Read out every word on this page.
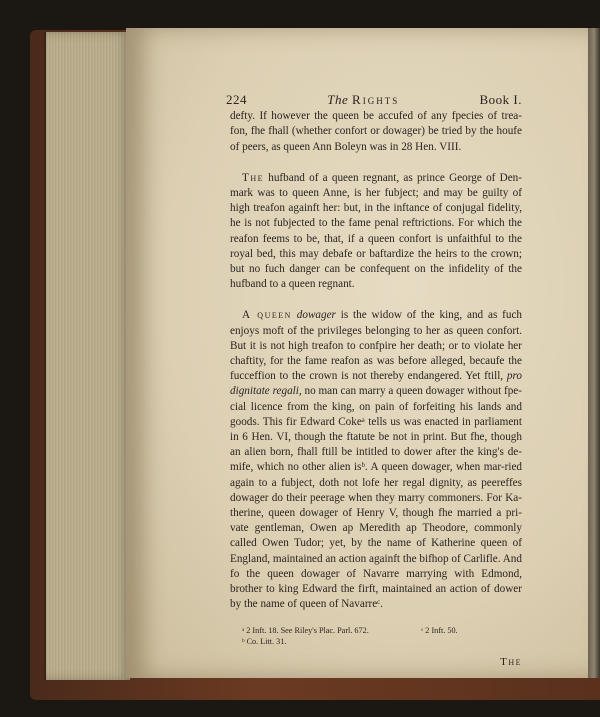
224	The Rights	Book I.

defty. If however the queen be accufed of any fpecies of trea-fon, fhe fhall (whether confort or dowager) be tried by the houfe of peers, as queen Ann Boleyn was in 28 Hen. VIII.

The hufband of a queen regnant, as prince George of Den-mark was to queen Anne, is her fubject; and may be guilty of high treafon againft her: but, in the inftance of conjugal fidelity, he is not fubjected to the fame penal reftrictions. For which the reafon feems to be, that, if a queen confort is unfaithful to the royal bed, this may debafe or baftardize the heirs to the crown; but no fuch danger can be confequent on the infidelity of the hufband to a queen regnant.

A queen dowager is the widow of the king, and as fuch enjoys moft of the privileges belonging to her as queen confort. But it is not high treafon to confpire her death; or to violate her chaftity, for the fame reafon as was before alleged, becaufe the fucceffion to the crown is not thereby endangered. Yet ftill, pro dignitate regali, no man can marry a queen dowager without fpe-cial licence from the king, on pain of forfeiting his lands and goods. This fir Edward Cokeᵃ tells us was enacted in parliament in 6 Hen. VI, though the ftatute be not in print. But fhe, though an alien born, fhall ftill be intitled to dower after the king's de-mife, which no other alien isᵇ. A queen dowager, when mar-ried again to a fubject, doth not lofe her regal dignity, as peereffes dowager do their peerage when they marry commoners. For Ka-therine, queen dowager of Henry V, though fhe married a pri-vate gentleman, Owen ap Meredith ap Theodore, commonly called Owen Tudor; yet, by the name of Katherine queen of England, maintained an action againft the bifhop of Carlifle. And fo the queen dowager of Navarre marrying with Edmond, brother to king Edward the firft, maintained an action of dower by the name of queen of Navarreᶜ.

ᵃ 2 Inft. 18. See Riley's Plac. Parl. 672.	ᶜ 2 Inft. 50.
ᵇ Co. Litt. 31.
The
